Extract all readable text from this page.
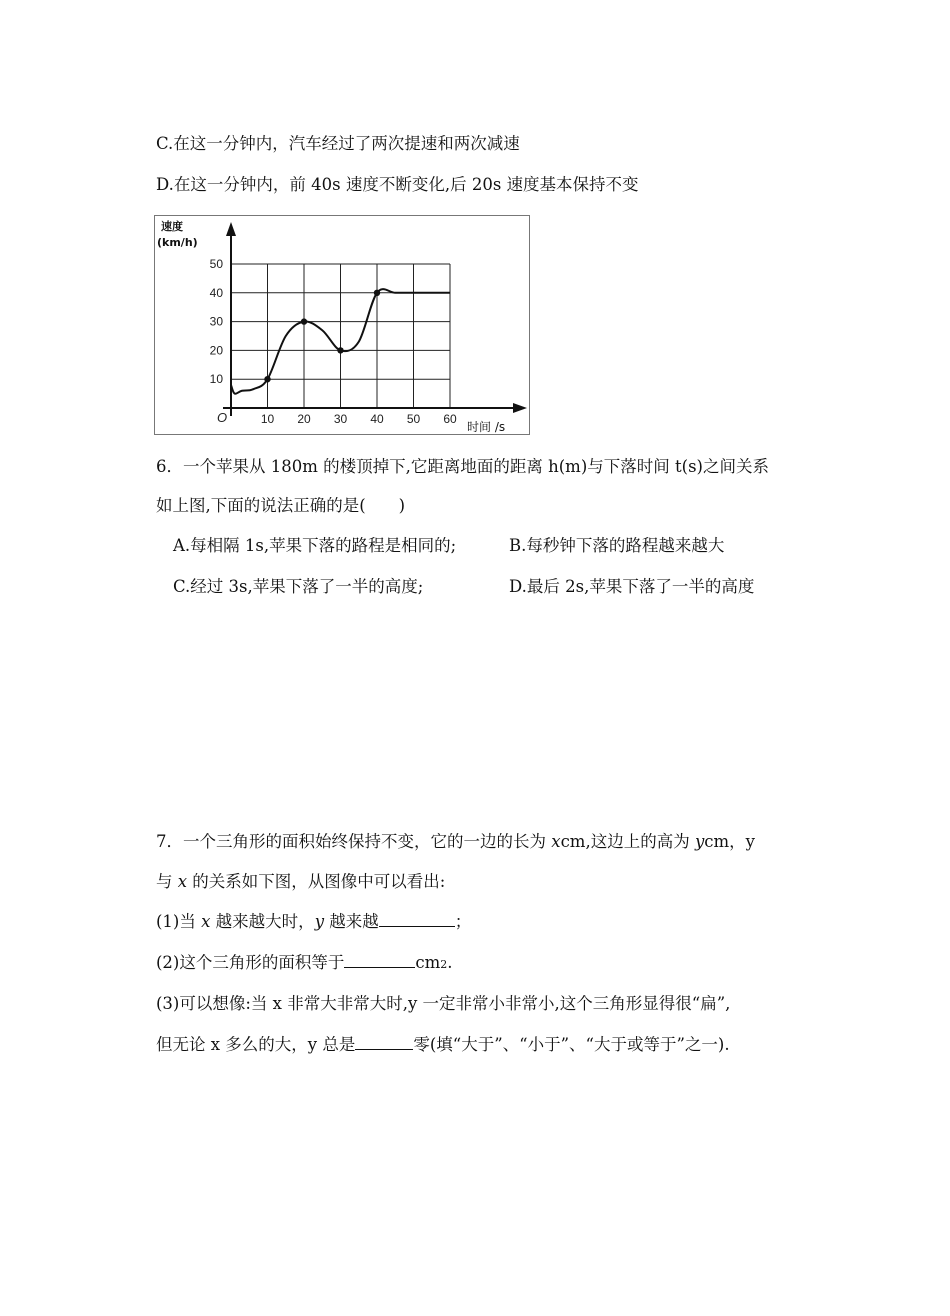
C.在这一分钟内，汽车经过了两次提速和两次减速
D.在这一分钟内，前 40s 速度不断变化,后 20s 速度基本保持不变
10 20 30 40 50 60
10
20
30
40
50
速度
(km/h)
时间 /s
O
6．一个苹果从 180m 的楼顶掉下,它距离地面的距离 h(m)与下落时间 t(s)之间关系
如上图,下面的说法正确的是(　　)
A.每相隔 1s,苹果下落的路程是相同的;	B.每秒钟下落的路程越来越大
C.经过 3s,苹果下落了一半的高度;	D.最后 2s,苹果下落了一半的高度
7．一个三角形的面积始终保持不变，它的一边的长为 xcm,这边上的高为 ycm，y
与 x 的关系如下图，从图像中可以看出:
(1)当 x 越来越大时，y 越来越	；
(2)这个三角形的面积等于	cm2.
(3)可以想像:当 x 非常大非常大时,y 一定非常小非常小,这个三角形显得很“扁”,
但无论 x 多么的大，y 总是	零(填“大于”、“小于”、“大于或等于”之一).
